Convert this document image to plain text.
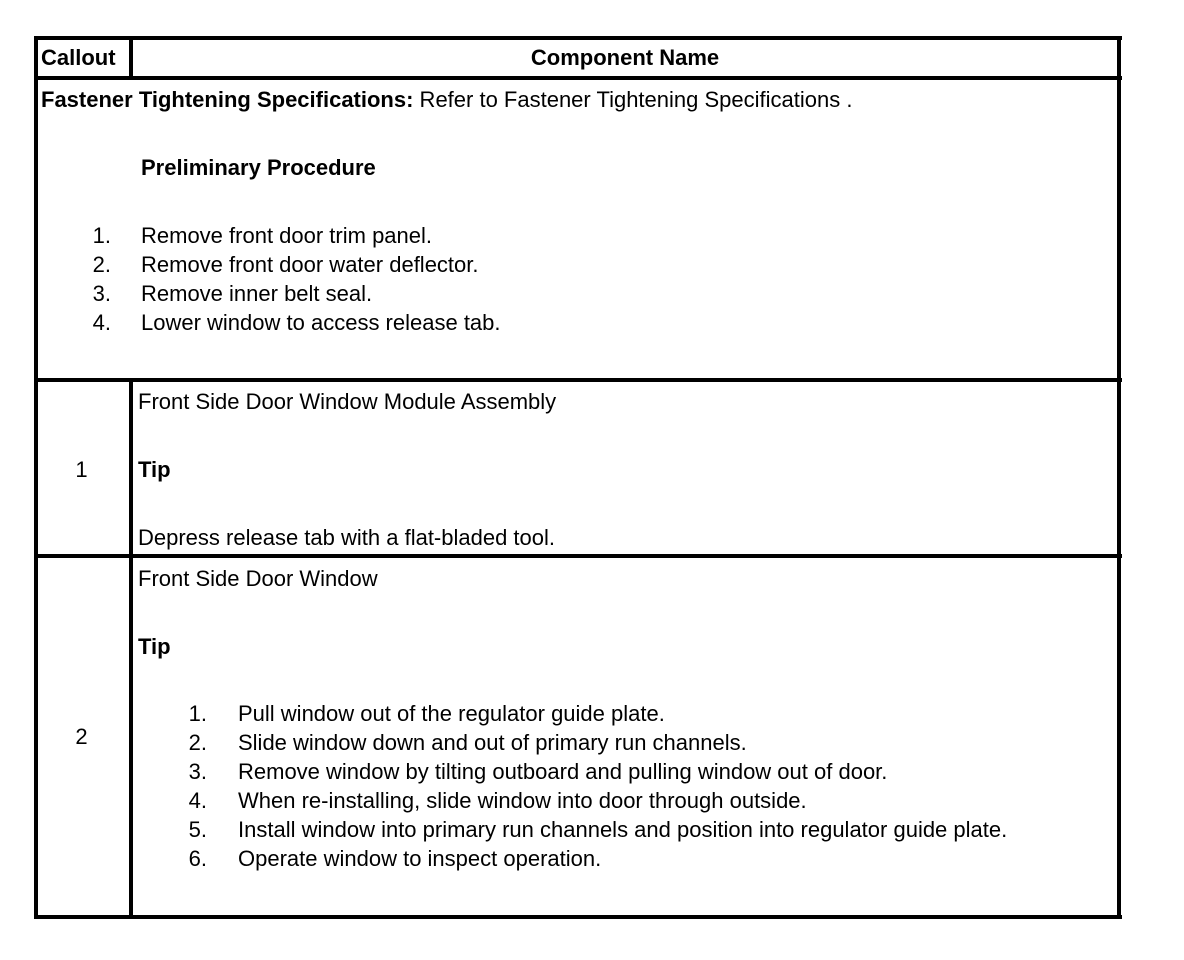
Callout	Component Name
Fastener Tightening Specifications: Refer to Fastener Tightening Specifications .
Preliminary Procedure
1. Remove front door trim panel.
2. Remove front door water deflector.
3. Remove inner belt seal.
4. Lower window to access release tab.
1
Front Side Door Window Module Assembly
Tip
Depress release tab with a flat-bladed tool.
2
Front Side Door Window
Tip
1. Pull window out of the regulator guide plate.
2. Slide window down and out of primary run channels.
3. Remove window by tilting outboard and pulling window out of door.
4. When re-installing, slide window into door through outside.
5. Install window into primary run channels and position into regulator guide plate.
6. Operate window to inspect operation.
